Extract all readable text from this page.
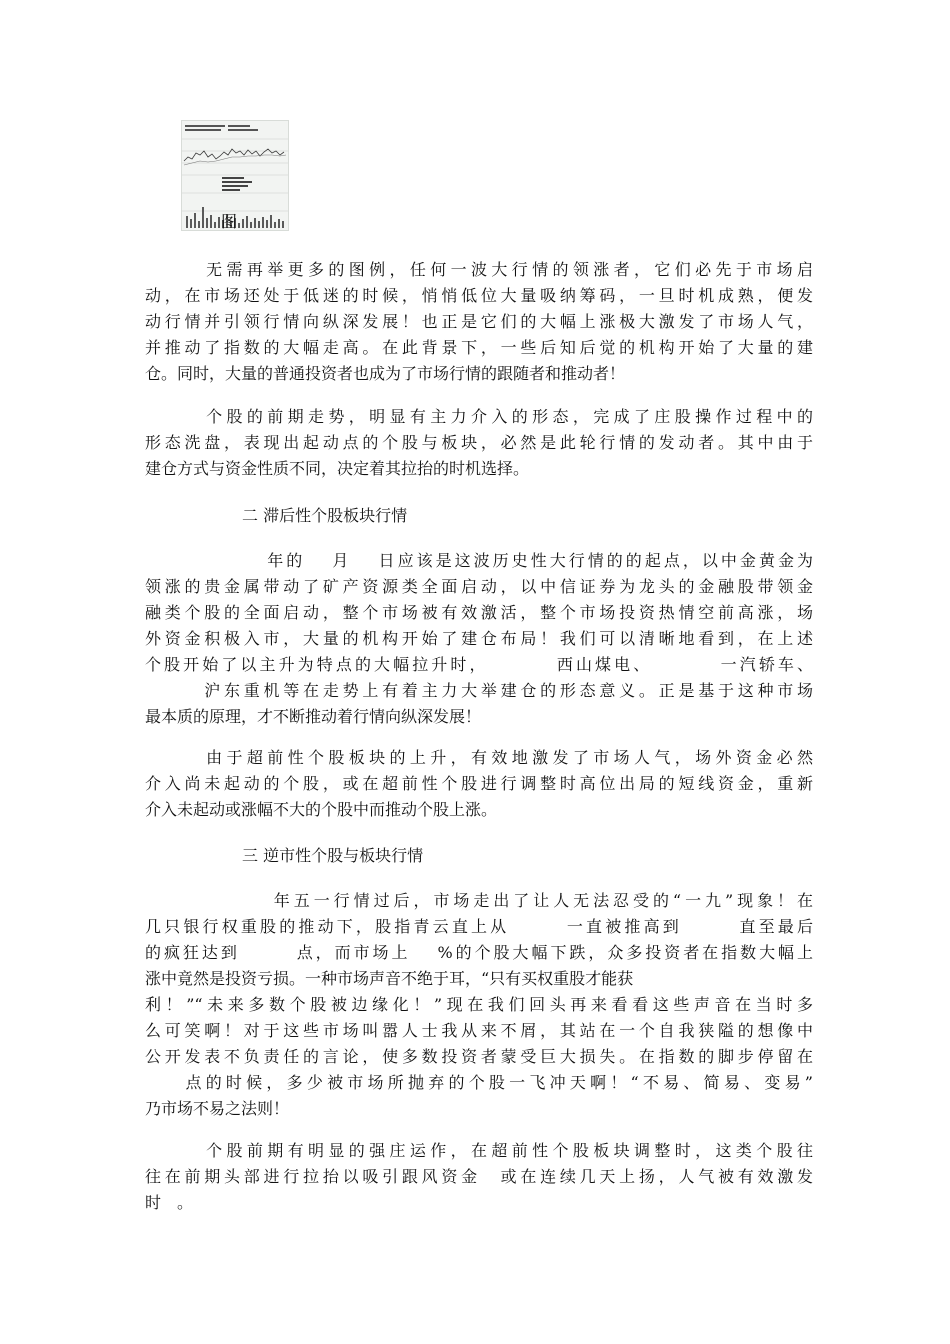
图
　　　无需再举更多的图例，任何一波大行情的领涨者，它们必先于市场启
动，在市场还处于低迷的时候，悄悄低位大量吸纳筹码，一旦时机成熟，便发
动行情并引领行情向纵深发展！也正是它们的大幅上涨极大激发了市场人气，
并推动了指数的大幅走高。在此背景下，一些后知后觉的机构开始了大量的建
仓。同时，大量的普通投资者也成为了市场行情的跟随者和推动者！
　　　个股的前期走势，明显有主力介入的形态，完成了庄股操作过程中的
形态洗盘，表现出起动点的个股与板块，必然是此轮行情的发动者。其中由于
建仓方式与资金性质不同，决定着其拉抬的时机选择。
二 滞后性个股板块行情
　　　　　　 年的　 月　 日应该是这波历史性大行情的的起点，以中金黄金为
领涨的贵金属带动了矿产资源类全面启动，以中信证券为龙头的金融股带领金
融类个股的全面启动，整个市场被有效激活，整个市场投资热情空前高涨，场
外资金积极入市，大量的机构开始了建仓布局！我们可以清晰地看到，在上述
个股开始了以主升为特点的大幅拉升时，　　　　西山煤电、　　　　一汽轿车、
　　　沪东重机等在走势上有着主力大举建仓的形态意义。正是基于这种市场
最本质的原理，才不断推动着行情向纵深发展！
　　　由于超前性个股板块的上升，有效地激发了市场人气，场外资金必然
介入尚未起动的个股，或在超前性个股进行调整时高位出局的短线资金，重新
介入未起动或涨幅不大的个股中而推动个股上涨。
三 逆市性个股与板块行情
　　　　　　 年五一行情过后，市场走出了让人无法忍受的“一九”现象！在
几只银行权重股的推动下，股指青云直上从　　　一直被推高到　　　直至最后
的疯狂达到　　　点，而市场上　 %的个股大幅下跌，众多投资者在指数大幅上
涨中竟然是投资亏损。一种市场声音不绝于耳，“只有买权重股才能获
利！”“未来多数个股被边缘化！”现在我们回头再来看看这些声音在当时多
么可笑啊！对于这些市场叫嚣人士我从来不屑，其站在一个自我狭隘的想像中
公开发表不负责任的言论，使多数投资者蒙受巨大损失。在指数的脚步停留在
　　点的时候，多少被市场所抛弃的个股一飞冲天啊！“不易、简易、变易”
乃市场不易之法则！
　　　个股前期有明显的强庄运作，在超前性个股板块调整时，这类个股往
往在前期头部进行拉抬以吸引跟风资金　或在连续几天上扬，人气被有效激发
时　。
